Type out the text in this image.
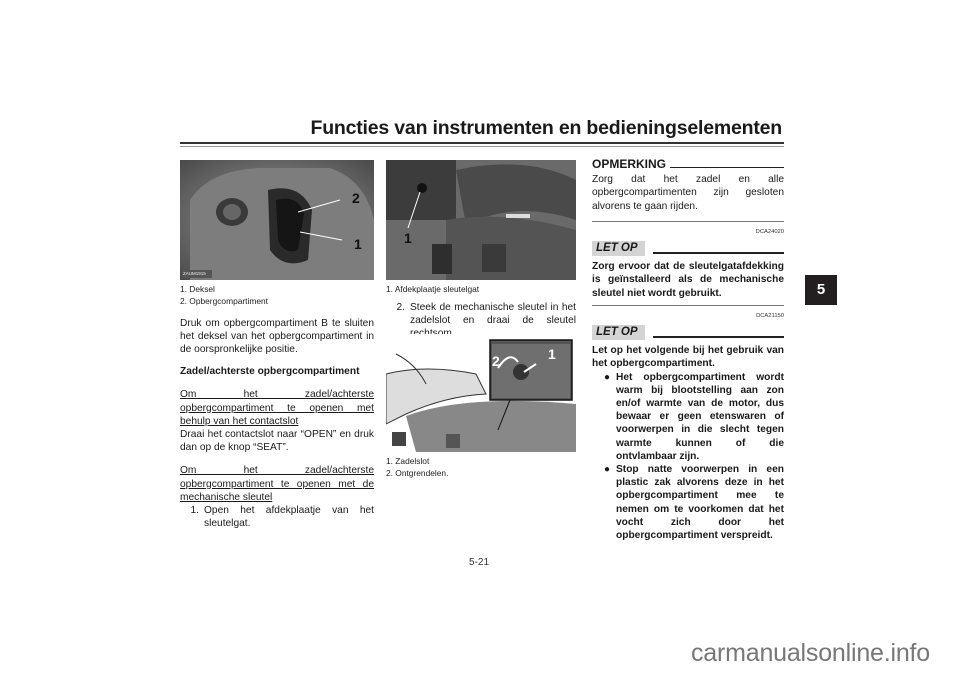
Functies van instrumenten en bedieningselementen
5
2
1
ZAUM1915
1. Deksel
2. Opbergcompartiment
Druk om opbergcompartiment B te sluiten het deksel van het opbergcompartiment in de oorspronkelijke positie.
Zadel/achterste opbergcompartiment
Om het zadel/achterste opbergcompartiment te openen met behulp van het contactslot
Draai het contactslot naar “OPEN” en druk dan op de knop “SEAT”.
Om het zadel/achterste opbergcompartiment te openen met de mechanische sleutel
1. Open het afdekplaatje van het sleutelgat.
1
1. Afdekplaatje sleutelgat
2. Steek de mechanische sleutel in het zadelslot en draai de sleutel
2	1
1. Zadelslot
2. Ontgrendelen.
OPMERKING
Zorg dat het zadel en alle opbergcompartimenten zijn gesloten alvorens te gaan rijden.
DCA24020
LET OP
Zorg ervoor dat de sleutelgatafdekking is geïnstalleerd als de mechanische sleutel niet wordt gebruikt.
DCA21150
LET OP
Let op het volgende bij het gebruik van het opbergcompartiment.
● Het opbergcompartiment wordt warm bij blootstelling aan zon en/of warmte van de motor, dus bewaar er geen etenswaren of voorwerpen in die slecht tegen warmte kunnen of die ontvlambaar zijn.
● Stop natte voorwerpen in een plastic zak alvorens deze in het opbergcompartiment mee te nemen om te voorkomen dat het vocht zich door het opbergcompartiment verspreidt.
5-21
carmanualsonline.info
